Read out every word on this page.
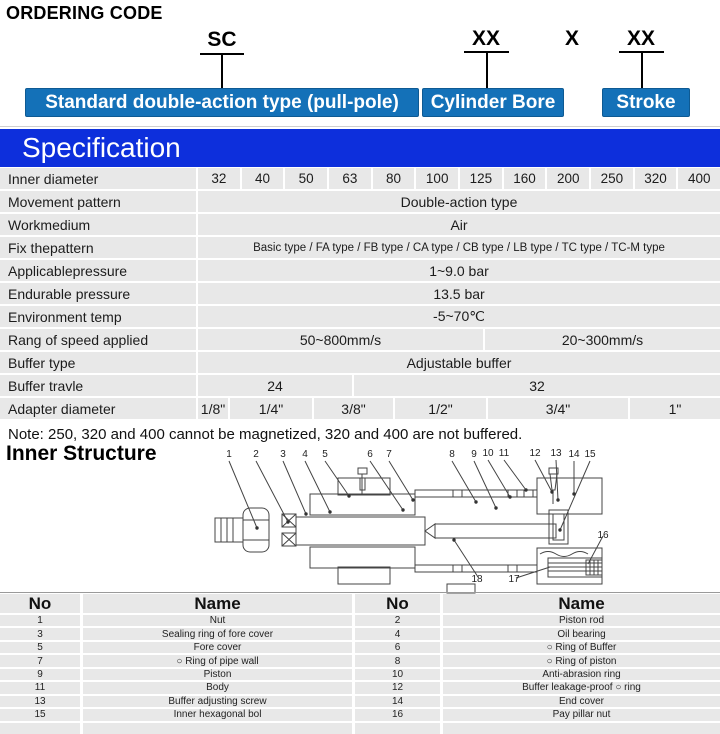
ORDERING CODE
SC	XX	X	XX
Standard double-action type (pull-pole)	Cylinder Bore	Stroke
Specification
Inner diameter	32	40	50	63	80	100	125	160	200	250	320	400
Movement pattern	Double-action type
Workmedium	Air
Fix thepattern	Basic type / FA type / FB type / CA type / CB type / LB type / TC type / TC-M type
Applicablepressure	1~9.0 bar
Endurable pressure	13.5 bar
Environment temp	-5~70℃
Rang of speed applied	50~800mm/s	20~300mm/s
Buffer type	Adjustable buffer
Buffer travle	24	32
Adapter diameter	1/8"	1/4"	3/8"	1/2"	3/4"	1"
Note: 250, 320 and 400 cannot be magnetized, 320 and 400 are not buffered.
Inner Structure	1	2	3	4	5	6	7	8	9 10 11 12 13 14 15
16
17
18
No	Name	No	Name
1	Nut	2	Piston rod
3	Sealing ring of fore cover	4	Oil bearing
5	Fore cover	6	○ Ring of Buffer
7	○ Ring of pipe wall	8	○ Ring of piston
9	Piston	10	Anti-abrasion ring
11	Body	12	Buffer leakage-proof ○ ring
13	Buffer adjusting screw	14	End cover
15	Inner hexagonal bol	16	Pay pillar nut
